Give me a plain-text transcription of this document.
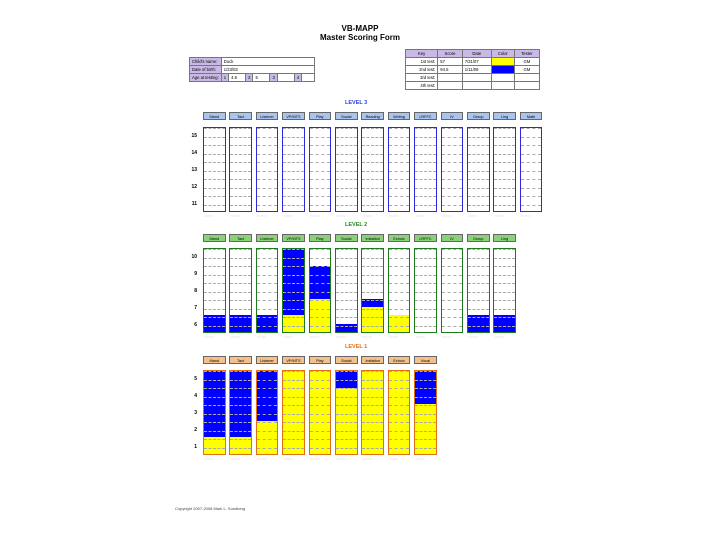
VB-MAPP
Master Scoring Form
Child's name:	Duck							
Date of birth:	1/23/03							
Age at testing:	1	4.6	2	5	3		4	
Key	Score	Date	Color	Tester
1st test:	57	7/21/07		GM
2nd test:	94.5	1/11/08		GM
3rd test:				
4th test:				
LEVEL 3
15
14
13
12
11
Mand
○○○○
Tact
○○○○
Listener
○○○○
VP/MTS
○○○○
Play
○○○○
Social
○○○○
Reading
○○○○
Writing
○○○○
LRFFC
○○○○
IV
○○○○
Group
○○○○
Ling
○○○○
Math
○○○○
LEVEL 2
10
9
8
7
6
Mand
○○○○
Tact
○○○○
Listener
○○○○
VP/MTS
○○○○
Play
○○○○
Social
○○○○
Imitation
○○○○
Echoic
○○○○
LRFFC
○○○○
IV
○○○○
Group
○○○○
Ling
○○○○
LEVEL 1
5
4
3
2
1
Mand
○○○○
Tact
○○○○
Listener
○○○○
VP/MTS
○○○○
Play
○○○○
Social
○○○○
Imitation
○○○○
Echoic
○○○○
Vocal
○○○○
Copyright 2007-2008 Mark L. Sundberg
